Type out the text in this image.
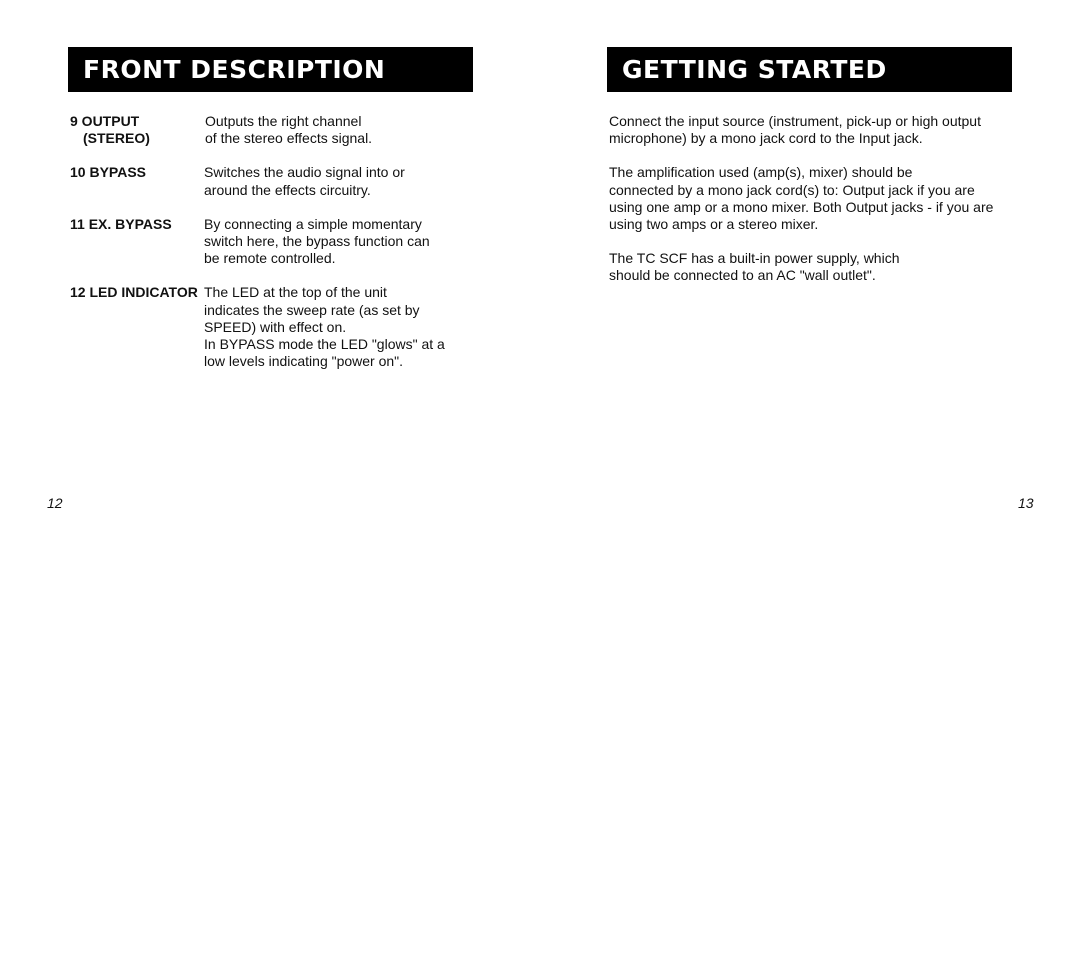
FRONT DESCRIPTION
9 OUTPUT
(STEREO)
Outputs the right channel
of the stereo effects signal.
10 BYPASS	Switches the audio signal into or
around the effects circuitry.
11 EX. BYPASS	By connecting a simple momentary
switch here, the bypass function can
be remote controlled.
12 LED INDICATOR The LED at the top of the unit
indicates the sweep rate (as set by
SPEED) with effect on.
In BYPASS mode the LED "glows" at a
low levels indicating "power on".
12
GETTING STARTED

Connect the input source (instrument, pick-up or high output
microphone) by a mono jack cord to the Input jack.

The amplification used (amp(s), mixer) should be
connected by a mono jack cord(s) to: Output jack if you are
using one amp or a mono mixer. Both Output jacks - if you are
using two amps or a stereo mixer.

The TC SCF has a built-in power supply, which
should be connected to an AC "wall outlet".

13
